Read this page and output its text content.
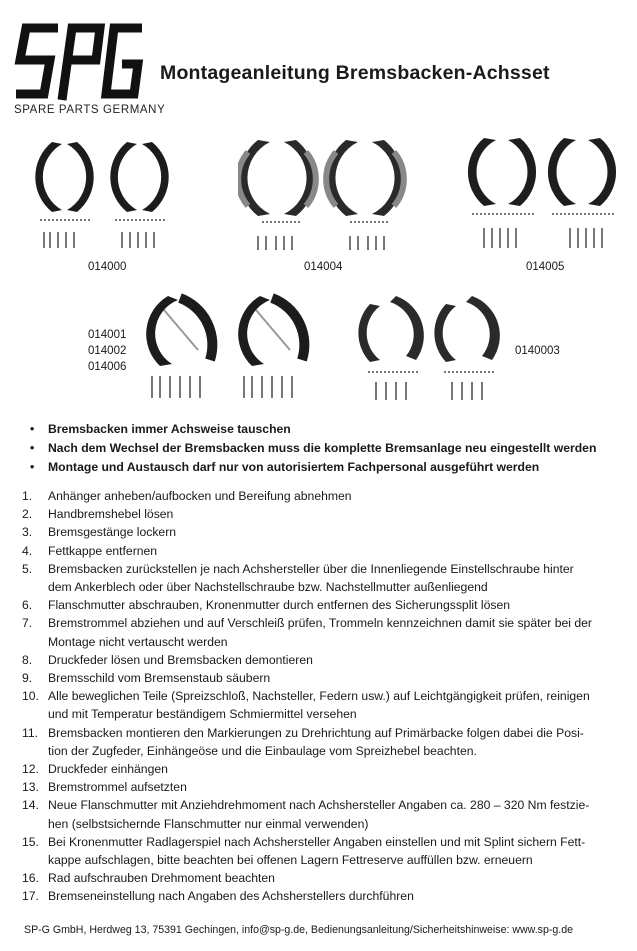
SPARE PARTS GERMANY
Montageanleitung Bremsbacken-Achsset
014000	014004	014005
014001
014002
014006
0140003
• Bremsbacken immer Achsweise tauschen
• Nach dem Wechsel der Bremsbacken muss die komplette Bremsanlage neu eingestellt werden
• Montage und Austausch darf nur von autorisiertem Fachpersonal ausgeführt werden
1.	Anhänger anheben/aufbocken und Bereifung abnehmen
2.	Handbremshebel lösen
3.	Bremsgestänge lockern
4.	Fettkappe entfernen
5.	Bremsbacken zurückstellen je nach Achshersteller über die Innenliegende Einstellschraube hinter
dem Ankerblech oder über Nachstellschraube bzw. Nachstellmutter außenliegend
6.	Flanschmutter abschrauben, Kronenmutter durch entfernen des Sicherungssplit lösen
7.	Bremstrommel abziehen und auf Verschleiß prüfen, Trommeln kennzeichnen damit sie später bei der
Montage nicht vertauscht werden
8.	Druckfeder lösen und Bremsbacken demontieren
9.	Bremsschild vom Bremsenstaub säubern
10. Alle beweglichen Teile (Spreizschloß, Nachsteller, Federn usw.) auf Leichtgängigkeit prüfen, reinigen
und mit Temperatur beständigem Schmiermittel versehen
11. Bremsbacken montieren den Markierungen zu Drehrichtung auf Primärbacke folgen dabei die Posi-
tion der Zugfeder, Einhängeöse und die Einbaulage vom Spreizhebel beachten.
12. Druckfeder einhängen
13. Bremstrommel aufsetzten
14. Neue Flanschmutter mit Anziehdrehmoment nach Achshersteller Angaben ca. 280 – 320 Nm festzie-
hen (selbstsichernde Flanschmutter nur einmal verwenden)
15. Bei Kronenmutter Radlagerspiel nach Achshersteller Angaben einstellen und mit Splint sichern Fett-
kappe aufschlagen, bitte beachten bei offenen Lagern Fettreserve auffüllen bzw. erneuern
16. Rad aufschrauben Drehmoment beachten
17. Bremseneinstellung nach Angaben des Achsherstellers durchführen
SP-G GmbH, Herdweg 13, 75391 Gechingen, info@sp-g.de, Bedienungsanleitung/Sicherheitshinweise: www.sp-g.de
